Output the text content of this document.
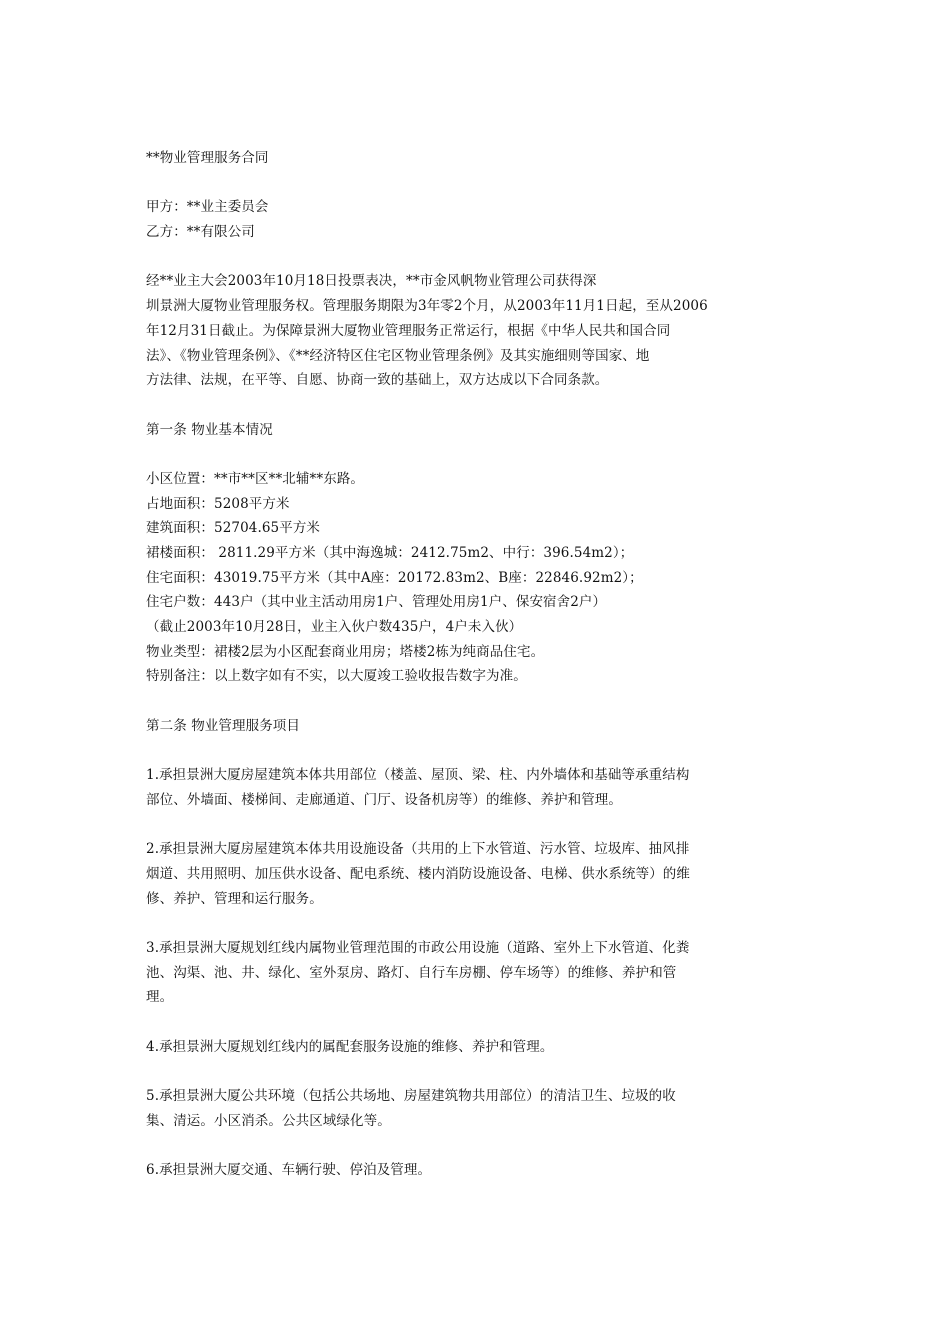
**物业管理服务合同
甲方：**业主委员会
乙方：**有限公司
经**业主大会2003年10月18日投票表决，**市金风帆物业管理公司获得深
圳景洲大厦物业管理服务权。管理服务期限为3年零2个月，从2003年11月1日起，至从2006
年12月31日截止。为保障景洲大厦物业管理服务正常运行，根据《中华人民共和国合同
法》、《物业管理条例》、《**经济特区住宅区物业管理条例》及其实施细则等国家、地
方法律、法规，在平等、自愿、协商一致的基础上，双方达成以下合同条款。
第一条 物业基本情况
小区位置：**市**区**北辅**东路。
占地面积：5208平方米
建筑面积：52704.65平方米
裙楼面积： 2811.29平方米（其中海逸城：2412.75m2、中行：396.54m2）；
住宅面积：43019.75平方米（其中A座：20172.83m2、B座：22846.92m2）；
住宅户数：443户（其中业主活动用房1户、管理处用房1户、保安宿舍2户）
（截止2003年10月28日，业主入伙户数435户，4户未入伙）
物业类型：裙楼2层为小区配套商业用房；塔楼2栋为纯商品住宅。
特别备注：以上数字如有不实，以大厦竣工验收报告数字为准。
第二条 物业管理服务项目
1.承担景洲大厦房屋建筑本体共用部位（楼盖、屋顶、梁、柱、内外墙体和基础等承重结构
部位、外墙面、楼梯间、走廊通道、门厅、设备机房等）的维修、养护和管理。
2.承担景洲大厦房屋建筑本体共用设施设备（共用的上下水管道、污水管、垃圾库、抽风排
烟道、共用照明、加压供水设备、配电系统、楼内消防设施设备、电梯、供水系统等）的维
修、养护、管理和运行服务。
3.承担景洲大厦规划红线内属物业管理范围的市政公用设施（道路、室外上下水管道、化粪
池、沟渠、池、井、绿化、室外泵房、路灯、自行车房棚、停车场等）的维修、养护和管
理。
4.承担景洲大厦规划红线内的属配套服务设施的维修、养护和管理。
5.承担景洲大厦公共环境（包括公共场地、房屋建筑物共用部位）的清洁卫生、垃圾的收
集、清运。小区消杀。公共区域绿化等。
6.承担景洲大厦交通、车辆行驶、停泊及管理。
